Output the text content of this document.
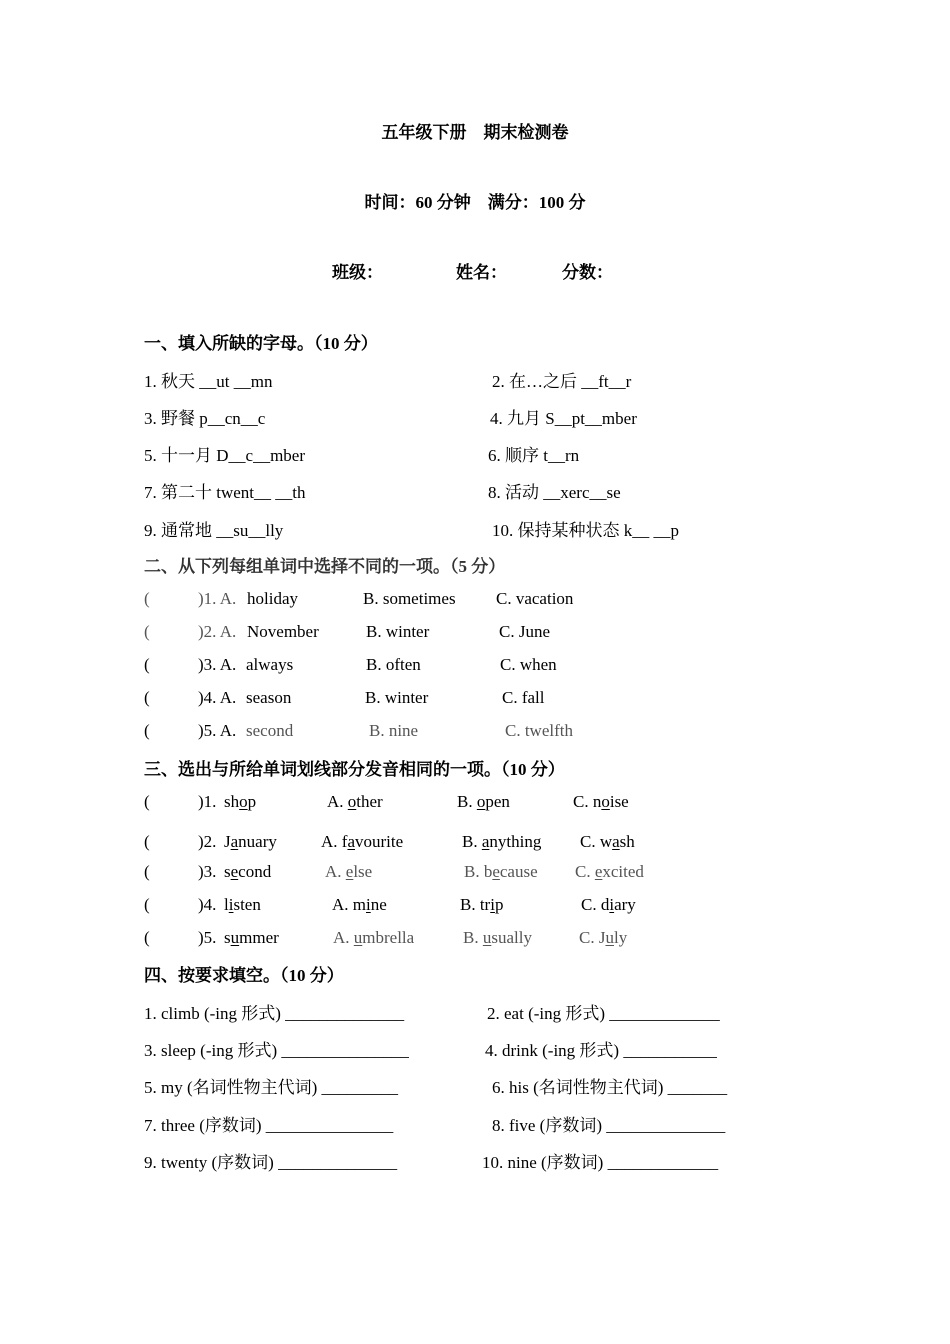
五年级下册　期末检测卷
时间：60 分钟　满分：100 分
班级：	姓名：	分数：
一、填入所缺的字母。（10 分）
1. 秋天 __ut __mn	2. 在…之后 __ft__r
3. 野餐 p__cn__c	4. 九月 S__pt__mber
5. 十一月 D__c__mber	6. 顺序 t__rn
7. 第二十 twent__ __th	8. 活动 __xerc__se
9. 通常地 __su__lly	10. 保持某种状态 k__ __p
二、从下列每组单词中选择不同的一项。（5 分）
(	)1. A. holiday	B. sometimes C. vacation
(	)2. A. November	B. winter	C. June
(	)3. A. always	B. often	C. when
(	)4. A. season	B. winter	C. fall
(	)5. A. second	B. nine	C. twelfth
三、选出与所给单词划线部分发音相同的一项。（10 分）
(	)1. shop	A. other	B. open	C. noise
(	)2. January	A. favourite	B. anything C. wash
(	)3. second	A. else	B. because C. excited
(	)4. listen	A. mine	B. trip	C. diary
(	)5. summer	A. umbrella	B. usually	C. July
四、按要求填空。（10 分）
1. climb (-ing 形式) ______________	2. eat (-ing 形式) _____________
3. sleep (-ing 形式) _______________	4. drink (-ing 形式) ___________
5. my (名词性物主代词) _________	6. his (名词性物主代词) _______
7. three (序数词) _______________	8. five (序数词) ______________
9. twenty (序数词) ______________	10. nine (序数词) _____________
